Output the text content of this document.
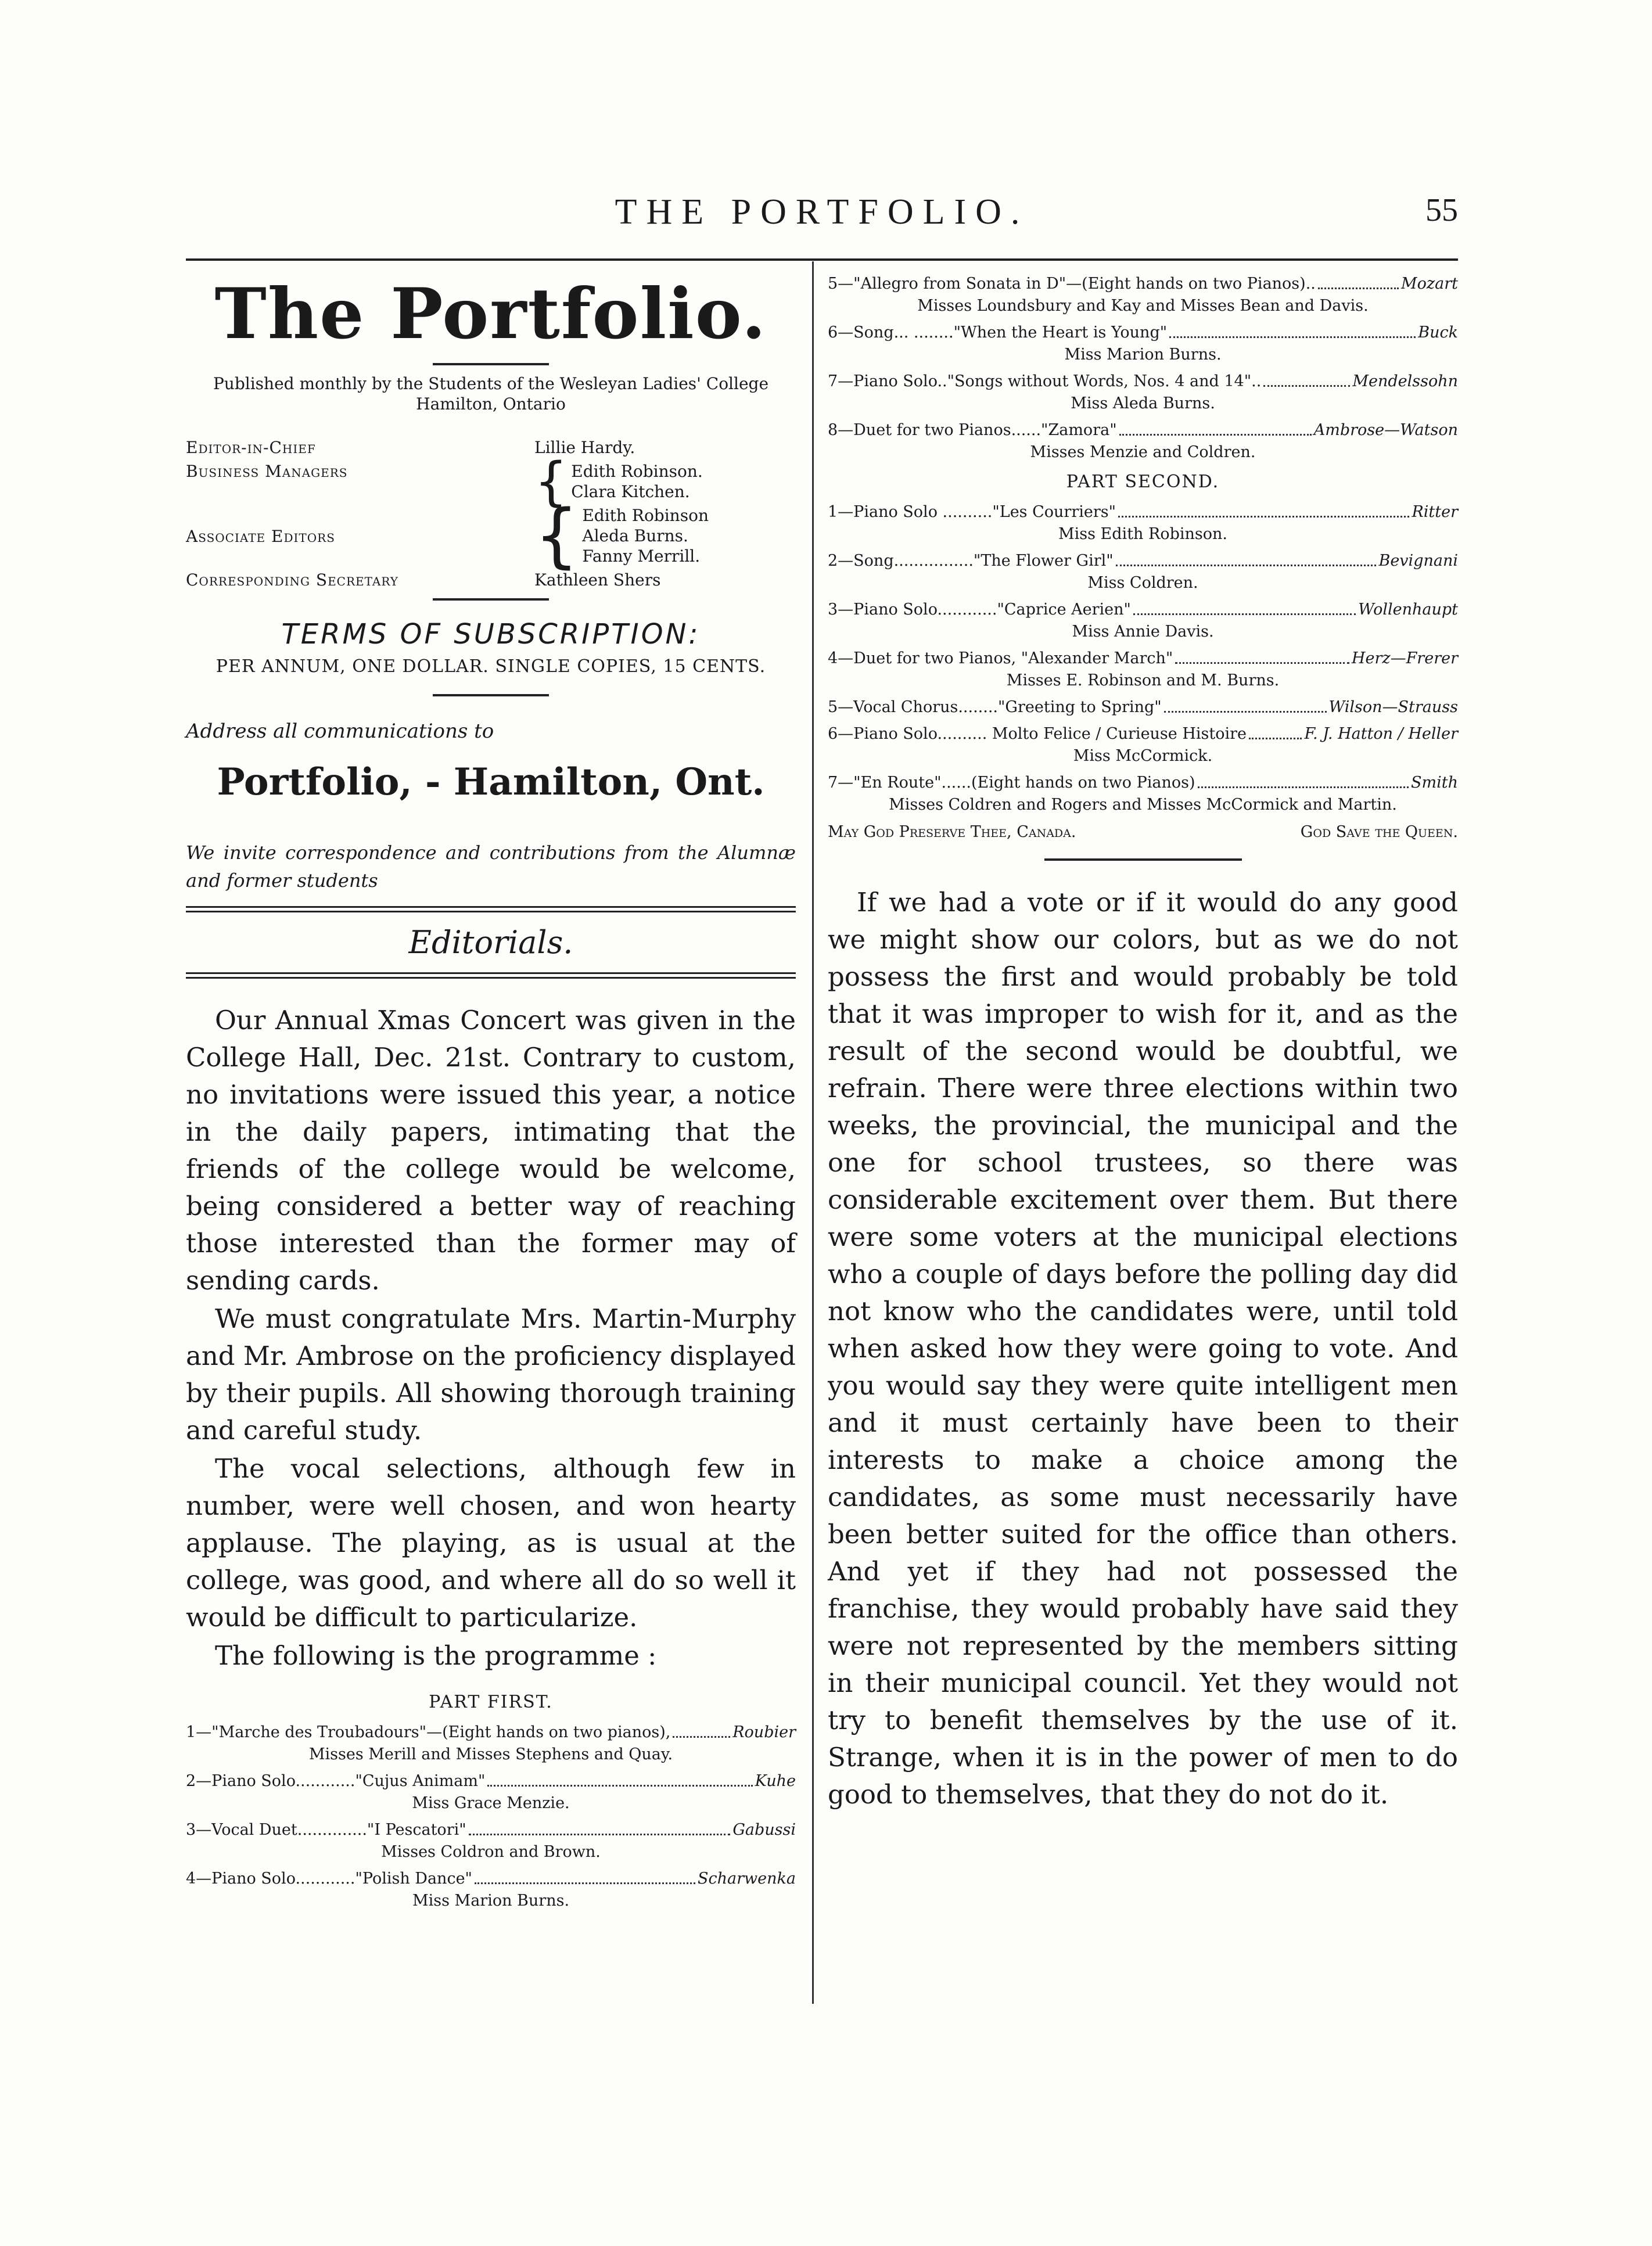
THE PORTFOLIO.	55
The Portfolio.
Published monthly by the Students of the Wesleyan Ladies' College Hamilton, Ontario
Editor-in-Chief	Lillie Hardy.
Business Managers	{ Edith Robinson.
Clara Kitchen.
Associate Editors	{ Edith Robinson
Aleda Burns.
Fanny Merrill.
Corresponding Secretary	Kathleen Shers
TERMS OF SUBSCRIPTION:
PER ANNUM, ONE DOLLAR. SINGLE COPIES, 15 CENTS.
Address all communications to
Portfolio, - Hamilton, Ont.
We invite correspondence and contributions from the Alumnæ and former students
Editorials.

Our Annual Xmas Concert was given in the College Hall, Dec. 21st. Contrary to custom, no invitations were issued this year, a notice in the daily papers, intimating that the friends of the college would be welcome, being considered a better way of reaching those interested than the former may of sending cards.

We must congratulate Mrs. Martin-Murphy and Mr. Ambrose on the proficiency displayed by their pupils. All showing thorough training and careful study.

The vocal selections, although few in number, were well chosen, and won hearty applause. The playing, as is usual at the college, was good, and where all do so well it would be difficult to particularize.

The following is the programme :

PART FIRST.
1—"Marche des Troubadours"—(Eight hands on two pianos),	Roubier
Misses Merill and Misses Stephens and Quay.
2—Piano Solo............"Cujus Animam"	Kuhe
Miss Grace Menzie.
3—Vocal Duet.............."I Pescatori"	Gabussi
Misses Coldron and Brown.
4—Piano Solo............"Polish Dance"	Scharwenka
Miss Marion Burns.
5—"Allegro from Sonata in D"—(Eight hands on two Pianos)..	Mozart
Misses Loundsbury and Kay and Misses Bean and Davis.
6—Song... ........"When the Heart is Young"	Buck
Miss Marion Burns.
7—Piano Solo.."Songs without Words, Nos. 4 and 14"..	Mendelssohn
Miss Aleda Burns.
8—Duet for two Pianos......"Zamora"	Ambrose—Watson
Misses Menzie and Coldren.
PART SECOND.
1—Piano Solo .........."Les Courriers"	Ritter
Miss Edith Robinson.
2—Song................"The Flower Girl"	Bevignani
Miss Coldren.
3—Piano Solo............"Caprice Aerien"	Wollenhaupt
Miss Annie Davis.
4—Duet for two Pianos, "Alexander March"	Herz—Frerer
Misses E. Robinson and M. Burns.
5—Vocal Chorus........"Greeting to Spring"	Wilson—Strauss
6—Piano Solo.......... Molto Felice / Curieuse Histoire	F. J. Hatton / Heller
Miss McCormick.
7—"En Route"......(Eight hands on two Pianos)	Smith
Misses Coldren and Rogers and Misses McCormick and Martin.
May God Preserve Thee, Canada.	God Save the Queen.

If we had a vote or if it would do any good we might show our colors, but as we do not possess the first and would probably be told that it was improper to wish for it, and as the result of the second would be doubtful, we refrain. There were three elections within two weeks, the provincial, the municipal and the one for school trustees, so there was considerable excitement over them. But there were some voters at the municipal elections who a couple of days before the polling day did not know who the candidates were, until told when asked how they were going to vote. And you would say they were quite intelligent men and it must certainly have been to their interests to make a choice among the candidates, as some must necessarily have been better suited for the office than others. And yet if they had not possessed the franchise, they would probably have said they were not represented by the members sitting in their municipal council. Yet they would not try to benefit themselves by the use of it. Strange, when it is in the power of men to do good to themselves, that they do not do it.
